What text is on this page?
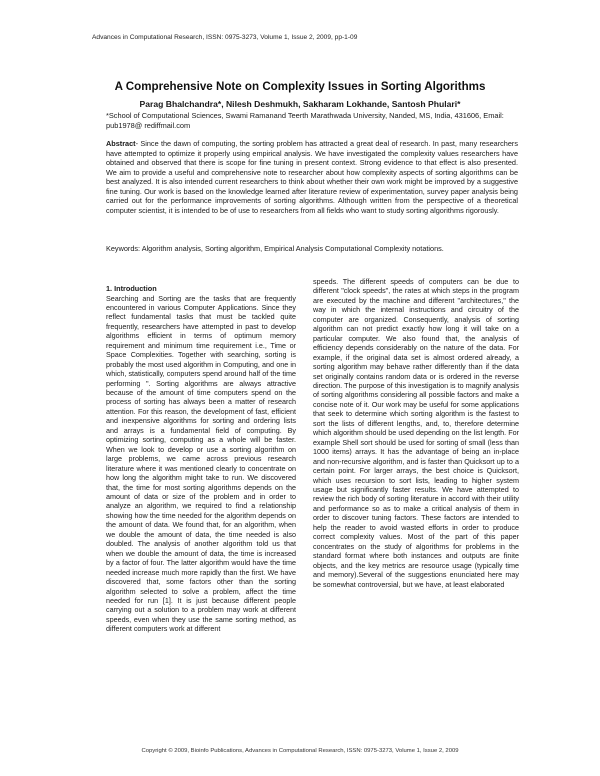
Advances in Computational Research, ISSN: 0975-3273, Volume 1, Issue 2, 2009, pp-1-09
A Comprehensive Note on Complexity Issues in Sorting Algorithms
Parag Bhalchandra*, Nilesh Deshmukh, Sakharam Lokhande, Santosh Phulari*
*School of Computational Sciences, Swami Ramanand Teerth Marathwada University, Nanded, MS, India, 431606, Email: pub1978@ rediffmail.com
Abstract- Since the dawn of computing, the sorting problem has attracted a great deal of research. In past, many researchers have attempted to optimize it properly using empirical analysis. We have investigated the complexity values researchers have obtained and observed that there is scope for fine tuning in present context. Strong evidence to that effect is also presented. We aim to provide a useful and comprehensive note to researcher about how complexity aspects of sorting algorithms can be best analyzed. It is also intended current researchers to think about whether their own work might be improved by a suggestive fine tuning. Our work is based on the knowledge learned after literature review of experimentation, survey paper analysis being carried out for the performance improvements of sorting algorithms. Although written from the perspective of a theoretical computer scientist, it is intended to be of use to researchers from all fields who want to study sorting algorithms rigorously.
Keywords: Algorithm analysis, Sorting algorithm, Empirical Analysis Computational Complexity notations.
1. Introduction

Searching and Sorting are the tasks that are frequently encountered in various Computer Applications. Since they reflect fundamental tasks that must be tackled quite frequently, researchers have attempted in past to develop algorithms efficient in terms of optimum memory requirement and minimum time requirement i.e., Time or Space Complexities. Together with searching, sorting is probably the most used algorithm in Computing, and one in which, statistically, computers spend around half of the time performing ". Sorting algorithms are always attractive because of the amount of time computers spend on the process of sorting has always been a matter of research attention. For this reason, the development of fast, efficient and inexpensive algorithms for sorting and ordering lists and arrays is a fundamental field of computing. By optimizing sorting, computing as a whole will be faster. When we look to develop or use a sorting algorithm on large problems, we came across previous research literature where it was mentioned clearly to concentrate on how long the algorithm might take to run. We discovered that, the time for most sorting algorithms depends on the amount of data or size of the problem and in order to analyze an algorithm, we required to find a relationship showing how the time needed for the algorithm depends on the amount of data. We found that, for an algorithm, when we double the amount of data, the time needed is also doubled. The analysis of another algorithm told us that when we double the amount of data, the time is increased by a factor of four. The latter algorithm would have the time needed increase much more rapidly than the first. We have discovered that, some factors other than the sorting algorithm selected to solve a problem, affect the time needed for run [1]. It is just because different people carrying out a solution to a problem may work at different speeds, even when they use the same sorting method, as different computers work at different

speeds. The different speeds of computers can be due to different "clock speeds", the rates at which steps in the program are executed by the machine and different "architectures," the way in which the internal instructions and circuitry of the computer are organized. Consequently, analysis of sorting algorithm can not predict exactly how long it will take on a particular computer. We also found that, the analysis of efficiency depends considerably on the nature of the data. For example, if the original data set is almost ordered already, a sorting algorithm may behave rather differently than if the data set originally contains random data or is ordered in the reverse direction. The purpose of this investigation is to magnify analysis of sorting algorithms considering all possible factors and make a concise note of it. Our work may be useful for some applications that seek to determine which sorting algorithm is the fastest to sort the lists of different lengths, and, to, therefore determine which algorithm should be used depending on the list length. For example Shell sort should be used for sorting of small (less than 1000 items) arrays. It has the advantage of being an in-place and non-recursive algorithm, and is faster than Quicksort up to a certain point. For larger arrays, the best choice is Quicksort, which uses recursion to sort lists, leading to higher system usage but significantly faster results. We have attempted to review the rich body of sorting literature in accord with their utility and performance so as to make a critical analysis of them in order to discover tuning factors. These factors are intended to help the reader to avoid wasted efforts in order to produce correct complexity values. Most of the part of this paper concentrates on the study of algorithms for problems in the standard format where both instances and outputs are finite objects, and the key metrics are resource usage (typically time and memory).Several of the suggestions enunciated here may be somewhat controversial, but we have, at least elaborated

Copyright © 2009, Bioinfo Publications, Advances in Computational Research, ISSN: 0975-3273, Volume 1, Issue 2, 2009
